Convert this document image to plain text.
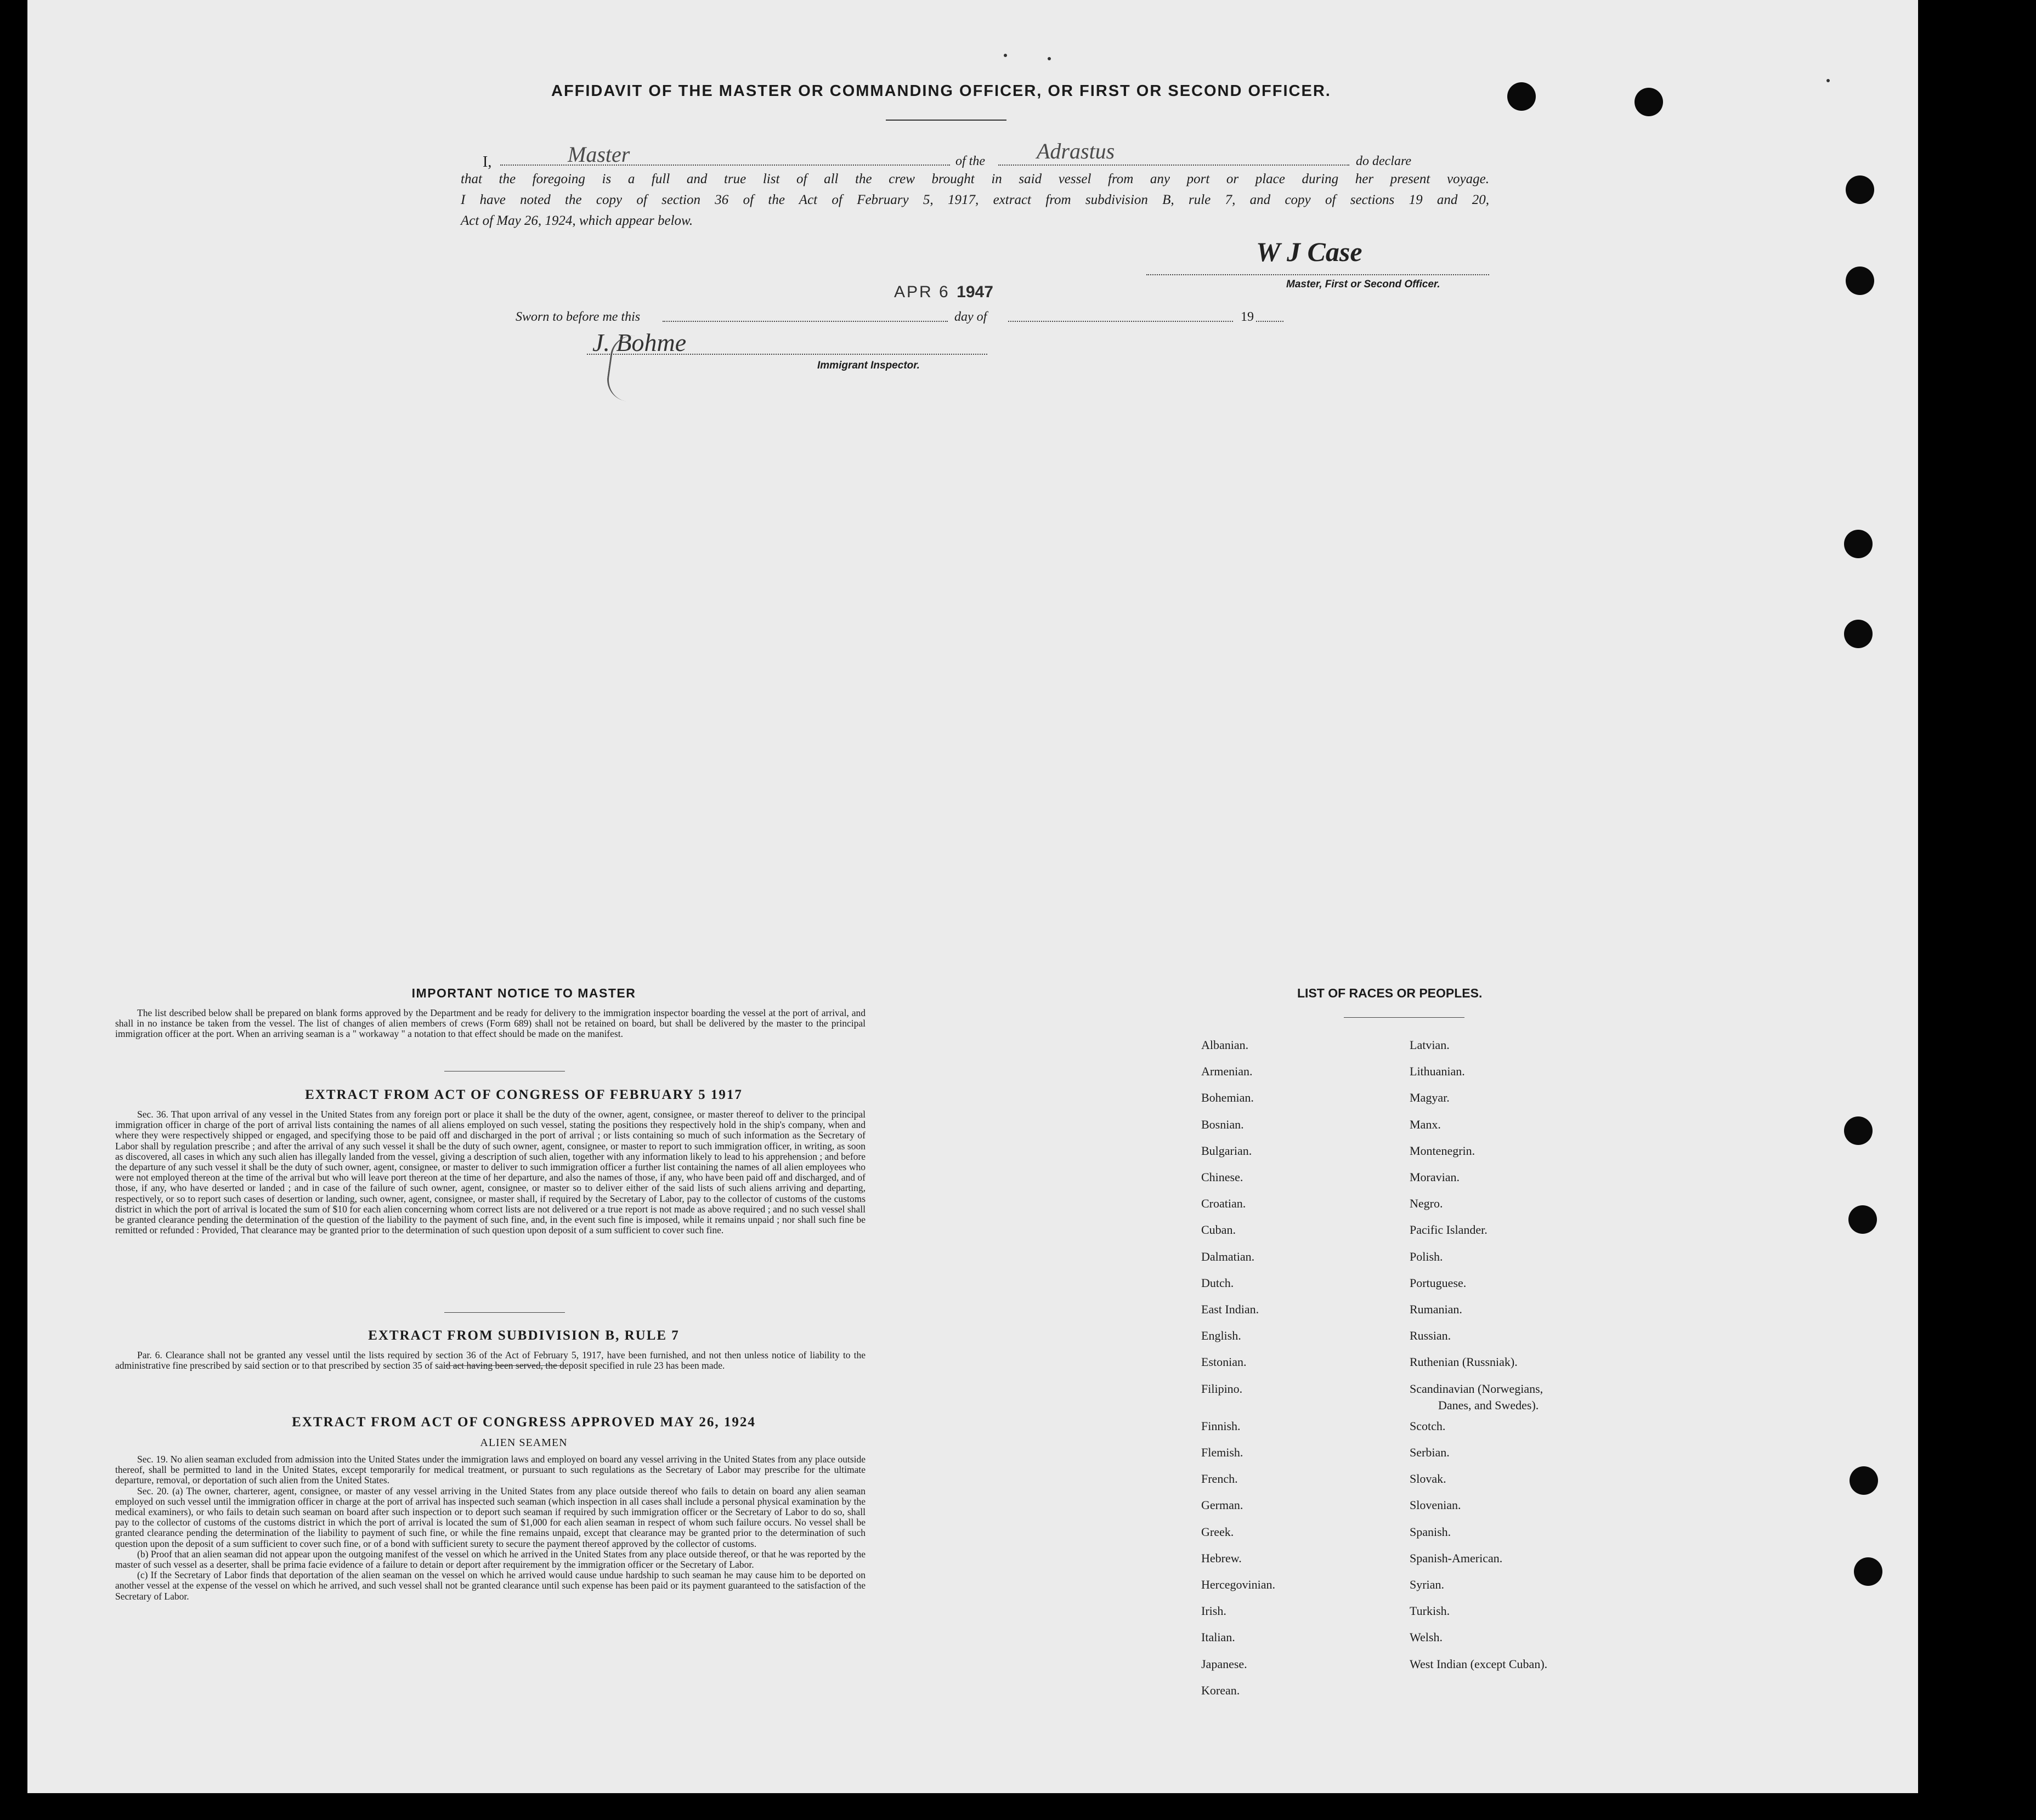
AFFIDAVIT OF THE MASTER OR COMMANDING OFFICER, OR FIRST OR SECOND OFFICER.
I,	Master	of the Adrastus	do declare

that the foregoing is a full and true list of all the crew brought in said vessel from any port or place during her present voyage.

I have noted the copy of section 36 of the Act of February 5, 1917, extract from subdivision B, rule 7, and copy of sections 19 and 20,

Act of May 26, 1924, which appear below.

W J Case
Master, First or Second Officer.
Sworn to before me this
APR 6 1947
day of	19
J. Bohme
Immigrant Inspector.
IMPORTANT NOTICE TO MASTER

The list described below shall be prepared on blank forms approved by the Department and be ready for delivery to the immigration inspector boarding the vessel at the port of arrival, and shall in no instance be taken from the vessel. The list of changes of alien members of crews (Form 689) shall not be retained on board, but shall be delivered by the master to the principal immigration officer at the port. When an arriving seaman is a " workaway " a notation to that effect should be made on the manifest.

EXTRACT FROM ACT OF CONGRESS OF FEBRUARY 5 1917

Sec. 36. That upon arrival of any vessel in the United States from any foreign port or place it shall be the duty of the owner, agent, consignee, or master thereof to deliver to the principal immigration officer in charge of the port of arrival lists containing the names of all aliens employed on such vessel, stating the positions they respectively hold in the ship's company, when and where they were respectively shipped or engaged, and specifying those to be paid off and discharged in the port of arrival ; or lists containing so much of such information as the Secretary of Labor shall by regulation prescribe ; and after the arrival of any such vessel it shall be the duty of such owner, agent, consignee, or master to report to such immigration officer, in writing, as soon as discovered, all cases in which any such alien has illegally landed from the vessel, giving a description of such alien, together with any information likely to lead to his apprehension ; and before the departure of any such vessel it shall be the duty of such owner, agent, consignee, or master to deliver to such immigration officer a further list containing the names of all alien employees who were not employed thereon at the time of the arrival but who will leave port thereon at the time of her departure, and also the names of those, if any, who have been paid off and discharged, and of those, if any, who have deserted or landed ; and in case of the failure of such owner, agent, consignee, or master so to deliver either of the said lists of such aliens arriving and departing, respectively, or so to report such cases of desertion or landing, such owner, agent, consignee, or master shall, if required by the Secretary of Labor, pay to the collector of customs of the customs district in which the port of arrival is located the sum of $10 for each alien concerning whom correct lists are not delivered or a true report is not made as above required ; and no such vessel shall be granted clearance pending the determination of the question of the liability to the payment of such fine, and, in the event such fine is imposed, while it remains unpaid ; nor shall such fine be remitted or refunded : Provided, That clearance may be granted prior to the determination of such question upon deposit of a sum sufficient to cover such fine.

EXTRACT FROM SUBDIVISION B, RULE 7

Par. 6. Clearance shall not be granted any vessel until the lists required by section 36 of the Act of February 5, 1917, have been furnished, and not then unless notice of liability to the administrative fine prescribed by said section or to that prescribed by section 35 of said act having been served, the deposit specified in rule 23 has been made.

EXTRACT FROM ACT OF CONGRESS APPROVED MAY 26, 1924
ALIEN SEAMEN

Sec. 19. No alien seaman excluded from admission into the United States under the immigration laws and employed on board any vessel arriving in the United States from any place outside thereof, shall be permitted to land in the United States, except temporarily for medical treatment, or pursuant to such regulations as the Secretary of Labor may prescribe for the ultimate departure, removal, or deportation of such alien from the United States.

Sec. 20. (a) The owner, charterer, agent, consignee, or master of any vessel arriving in the United States from any place outside thereof who fails to detain on board any alien seaman employed on such vessel until the immigration officer in charge at the port of arrival has inspected such seaman (which inspection in all cases shall include a personal physical examination by the medical examiners), or who fails to detain such seaman on board after such inspection or to deport such seaman if required by such immigration officer or the Secretary of Labor to do so, shall pay to the collector of customs of the customs district in which the port of arrival is located the sum of $1,000 for each alien seaman in respect of whom such failure occurs. No vessel shall be granted clearance pending the determination of the liability to payment of such fine, or while the fine remains unpaid, except that clearance may be granted prior to the determination of such question upon the deposit of a sum sufficient to cover such fine, or of a bond with sufficient surety to secure the payment thereof approved by the collector of customs.

(b) Proof that an alien seaman did not appear upon the outgoing manifest of the vessel on which he arrived in the United States from any place outside thereof, or that he was reported by the master of such vessel as a deserter, shall be prima facie evidence of a failure to detain or deport after requirement by the immigration officer or the Secretary of Labor.

(c) If the Secretary of Labor finds that deportation of the alien seaman on the vessel on which he arrived would cause undue hardship to such seaman he may cause him to be deported on another vessel at the expense of the vessel on which he arrived, and such vessel shall not be granted clearance until such expense has been paid or its payment guaranteed to the satisfaction of the Secretary of Labor.

LIST OF RACES OR PEOPLES.
Albanian.
Armenian.
Bohemian.
Bosnian.
Bulgarian.
Chinese.
Croatian.
Cuban.
Dalmatian.
Dutch.
East Indian.
English.
Estonian.
Filipino.
Finnish.
Flemish.
French.
German.
Greek.
Hebrew.
Hercegovinian.
Irish.
Italian.
Japanese.
Korean.
Latvian.
Lithuanian.
Magyar.
Manx.
Montenegrin.
Moravian.
Negro.
Pacific Islander.
Polish.
Portuguese.
Rumanian.
Russian.
Ruthenian (Russniak).
Scandinavian (Norwegians,
Danes, and Swedes).
Scotch.
Serbian.
Slovak.
Slovenian.
Spanish.
Spanish-American.
Syrian.
Turkish.
Welsh.
West Indian (except Cuban).
